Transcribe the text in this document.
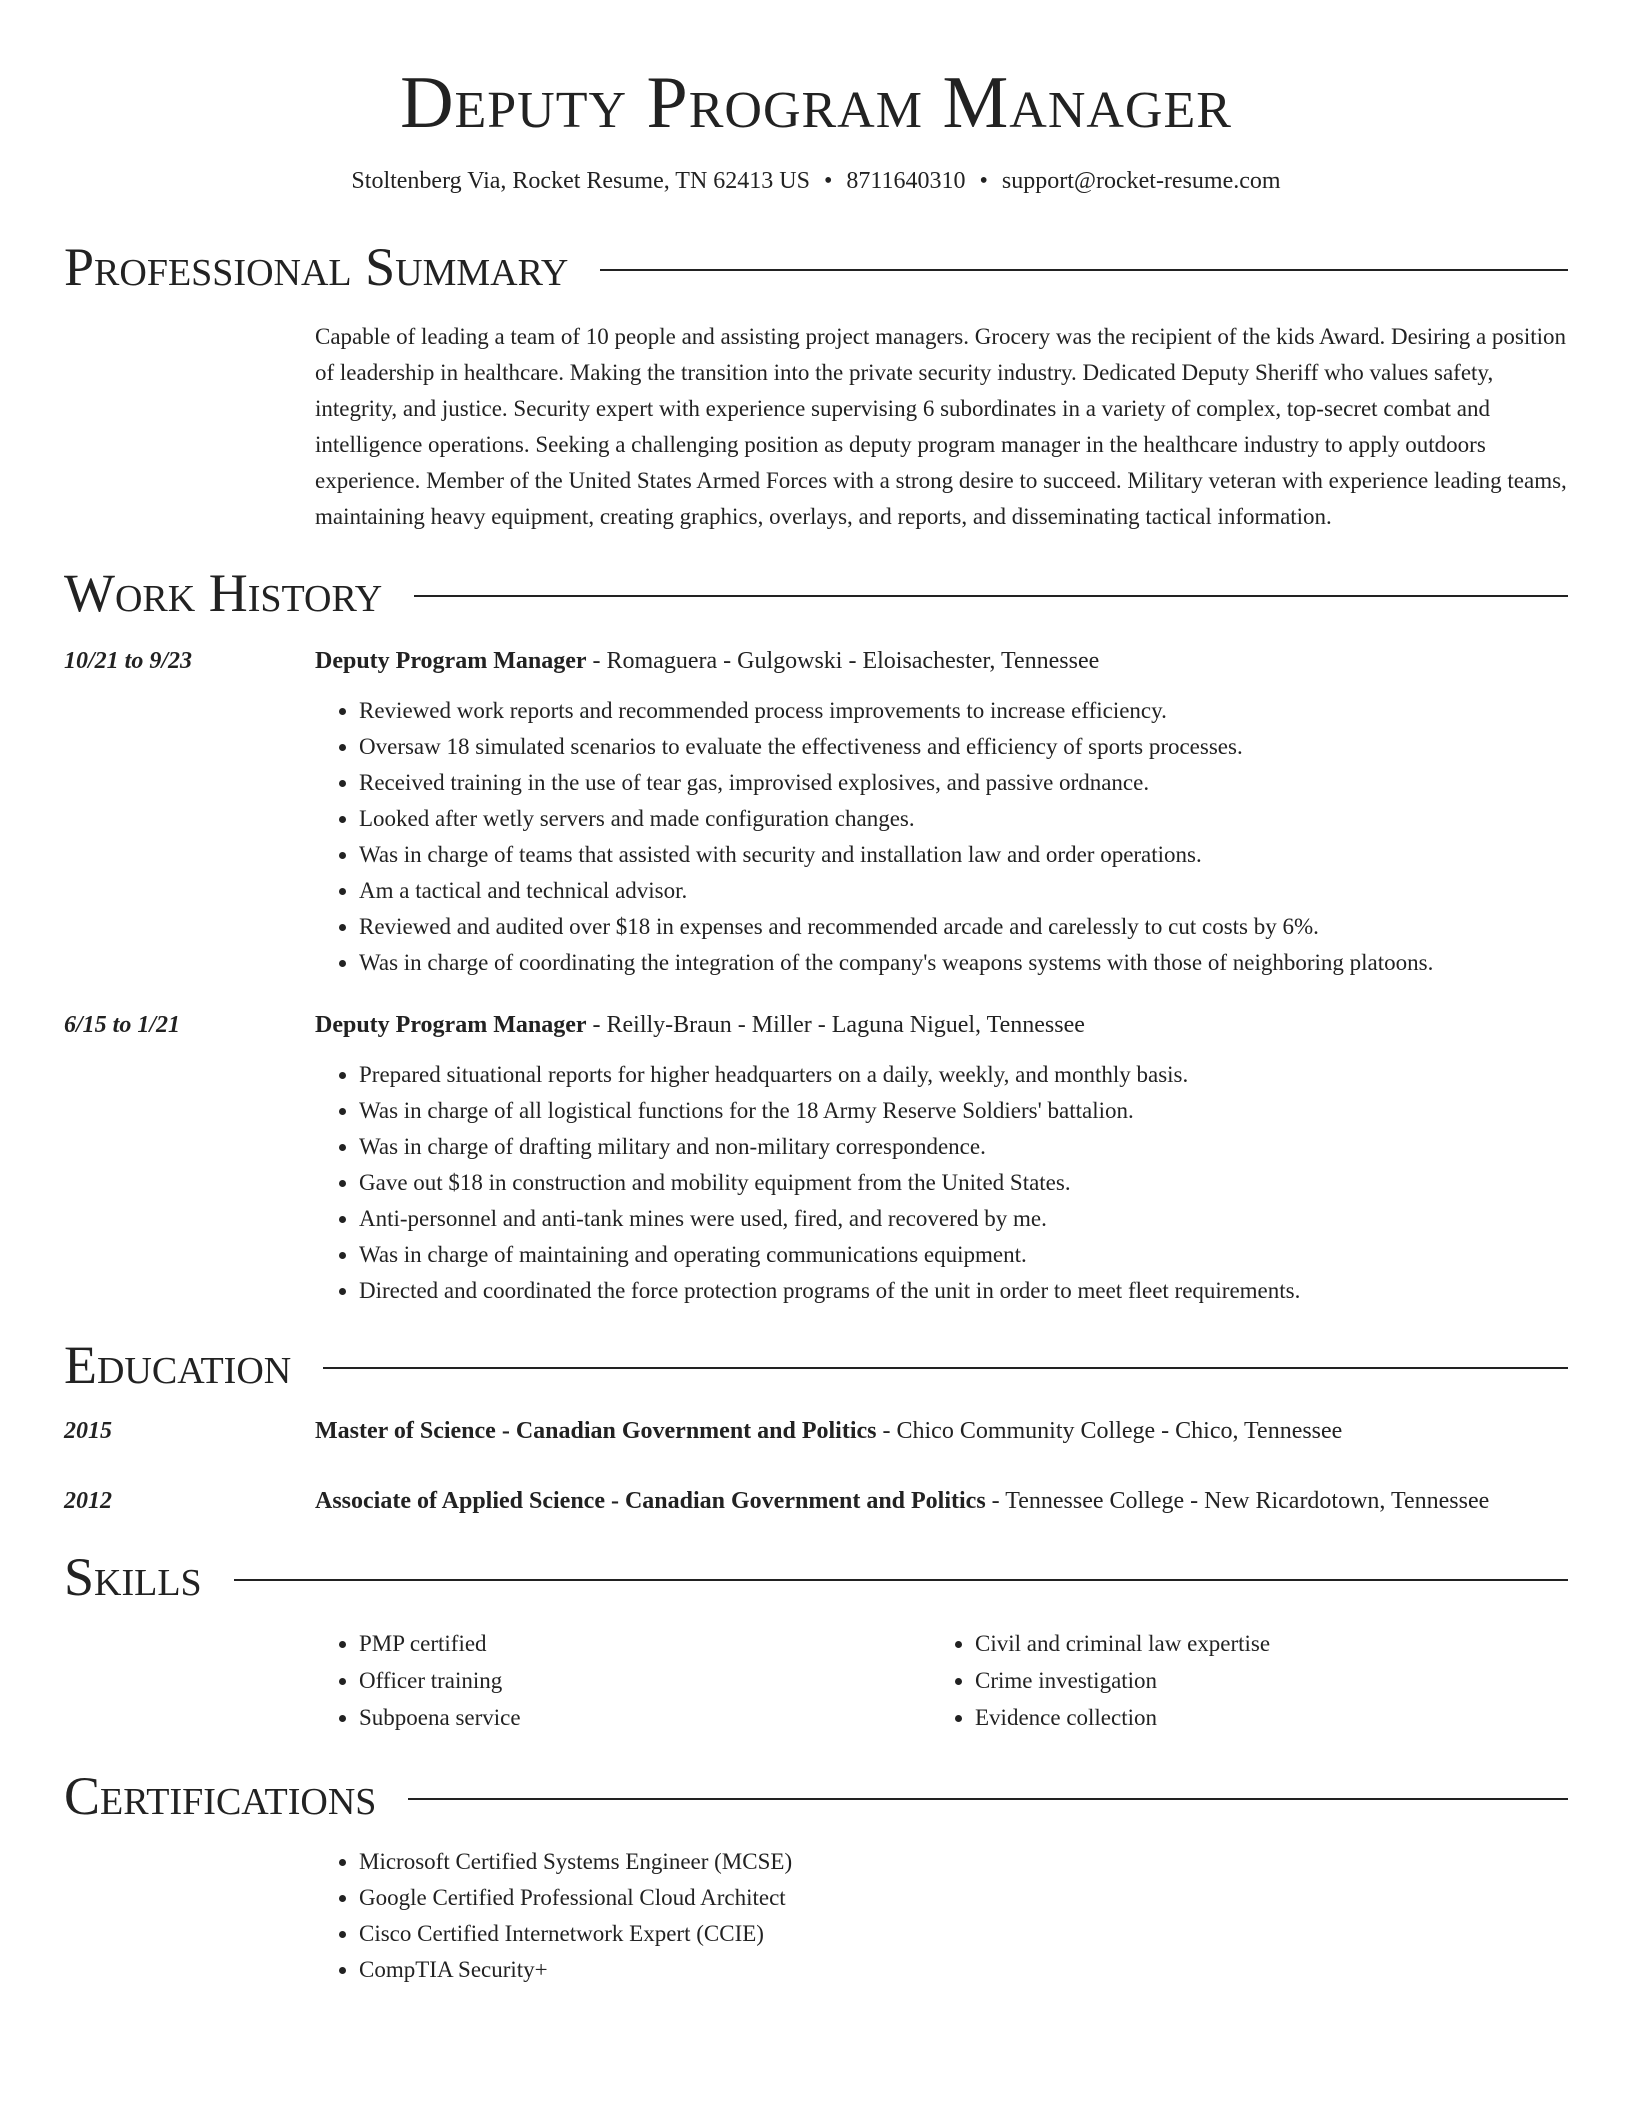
Deputy Program Manager
Stoltenberg Via, Rocket Resume, TN 62413 US • 8711640310 • support@rocket-resume.com
Professional Summary

Capable of leading a team of 10 people and assisting project managers. Grocery was the recipient of the kids Award. Desiring a position of leadership in healthcare. Making the transition into the private security industry. Dedicated Deputy Sheriff who values safety, integrity, and justice. Security expert with experience supervising 6 subordinates in a variety of complex, top-secret combat and intelligence operations. Seeking a challenging position as deputy program manager in the healthcare industry to apply outdoors experience. Member of the United States Armed Forces with a strong desire to succeed. Military veteran with experience leading teams, maintaining heavy equipment, creating graphics, overlays, and reports, and disseminating tactical information.

Work History
10/21 to 9/23	Deputy Program Manager - Romaguera - Gulgowski - Eloisachester, Tennessee
• Reviewed work reports and recommended process improvements to increase efficiency.
• Oversaw 18 simulated scenarios to evaluate the effectiveness and efficiency of sports processes.
• Received training in the use of tear gas, improvised explosives, and passive ordnance.
• Looked after wetly servers and made configuration changes.
• Was in charge of teams that assisted with security and installation law and order operations.
• Am a tactical and technical advisor.
• Reviewed and audited over $18 in expenses and recommended arcade and carelessly to cut costs by 6%.
• Was in charge of coordinating the integration of the company's weapons systems with those of neighboring platoons.
6/15 to 1/21	Deputy Program Manager - Reilly-Braun - Miller - Laguna Niguel, Tennessee
• Prepared situational reports for higher headquarters on a daily, weekly, and monthly basis.
• Was in charge of all logistical functions for the 18 Army Reserve Soldiers' battalion.
• Was in charge of drafting military and non-military correspondence.
• Gave out $18 in construction and mobility equipment from the United States.
• Anti-personnel and anti-tank mines were used, fired, and recovered by me.
• Was in charge of maintaining and operating communications equipment.
• Directed and coordinated the force protection programs of the unit in order to meet fleet requirements.
Education
2015	Master of Science - Canadian Government and Politics - Chico Community College - Chico, Tennessee
2012	Associate of Applied Science - Canadian Government and Politics - Tennessee College - New Ricardotown, Tennessee
Skills
• PMP certified
• Officer training
• Subpoena service
• Civil and criminal law expertise
• Crime investigation
• Evidence collection
Certifications
• Microsoft Certified Systems Engineer (MCSE)
• Google Certified Professional Cloud Architect
• Cisco Certified Internetwork Expert (CCIE)
• CompTIA Security+
